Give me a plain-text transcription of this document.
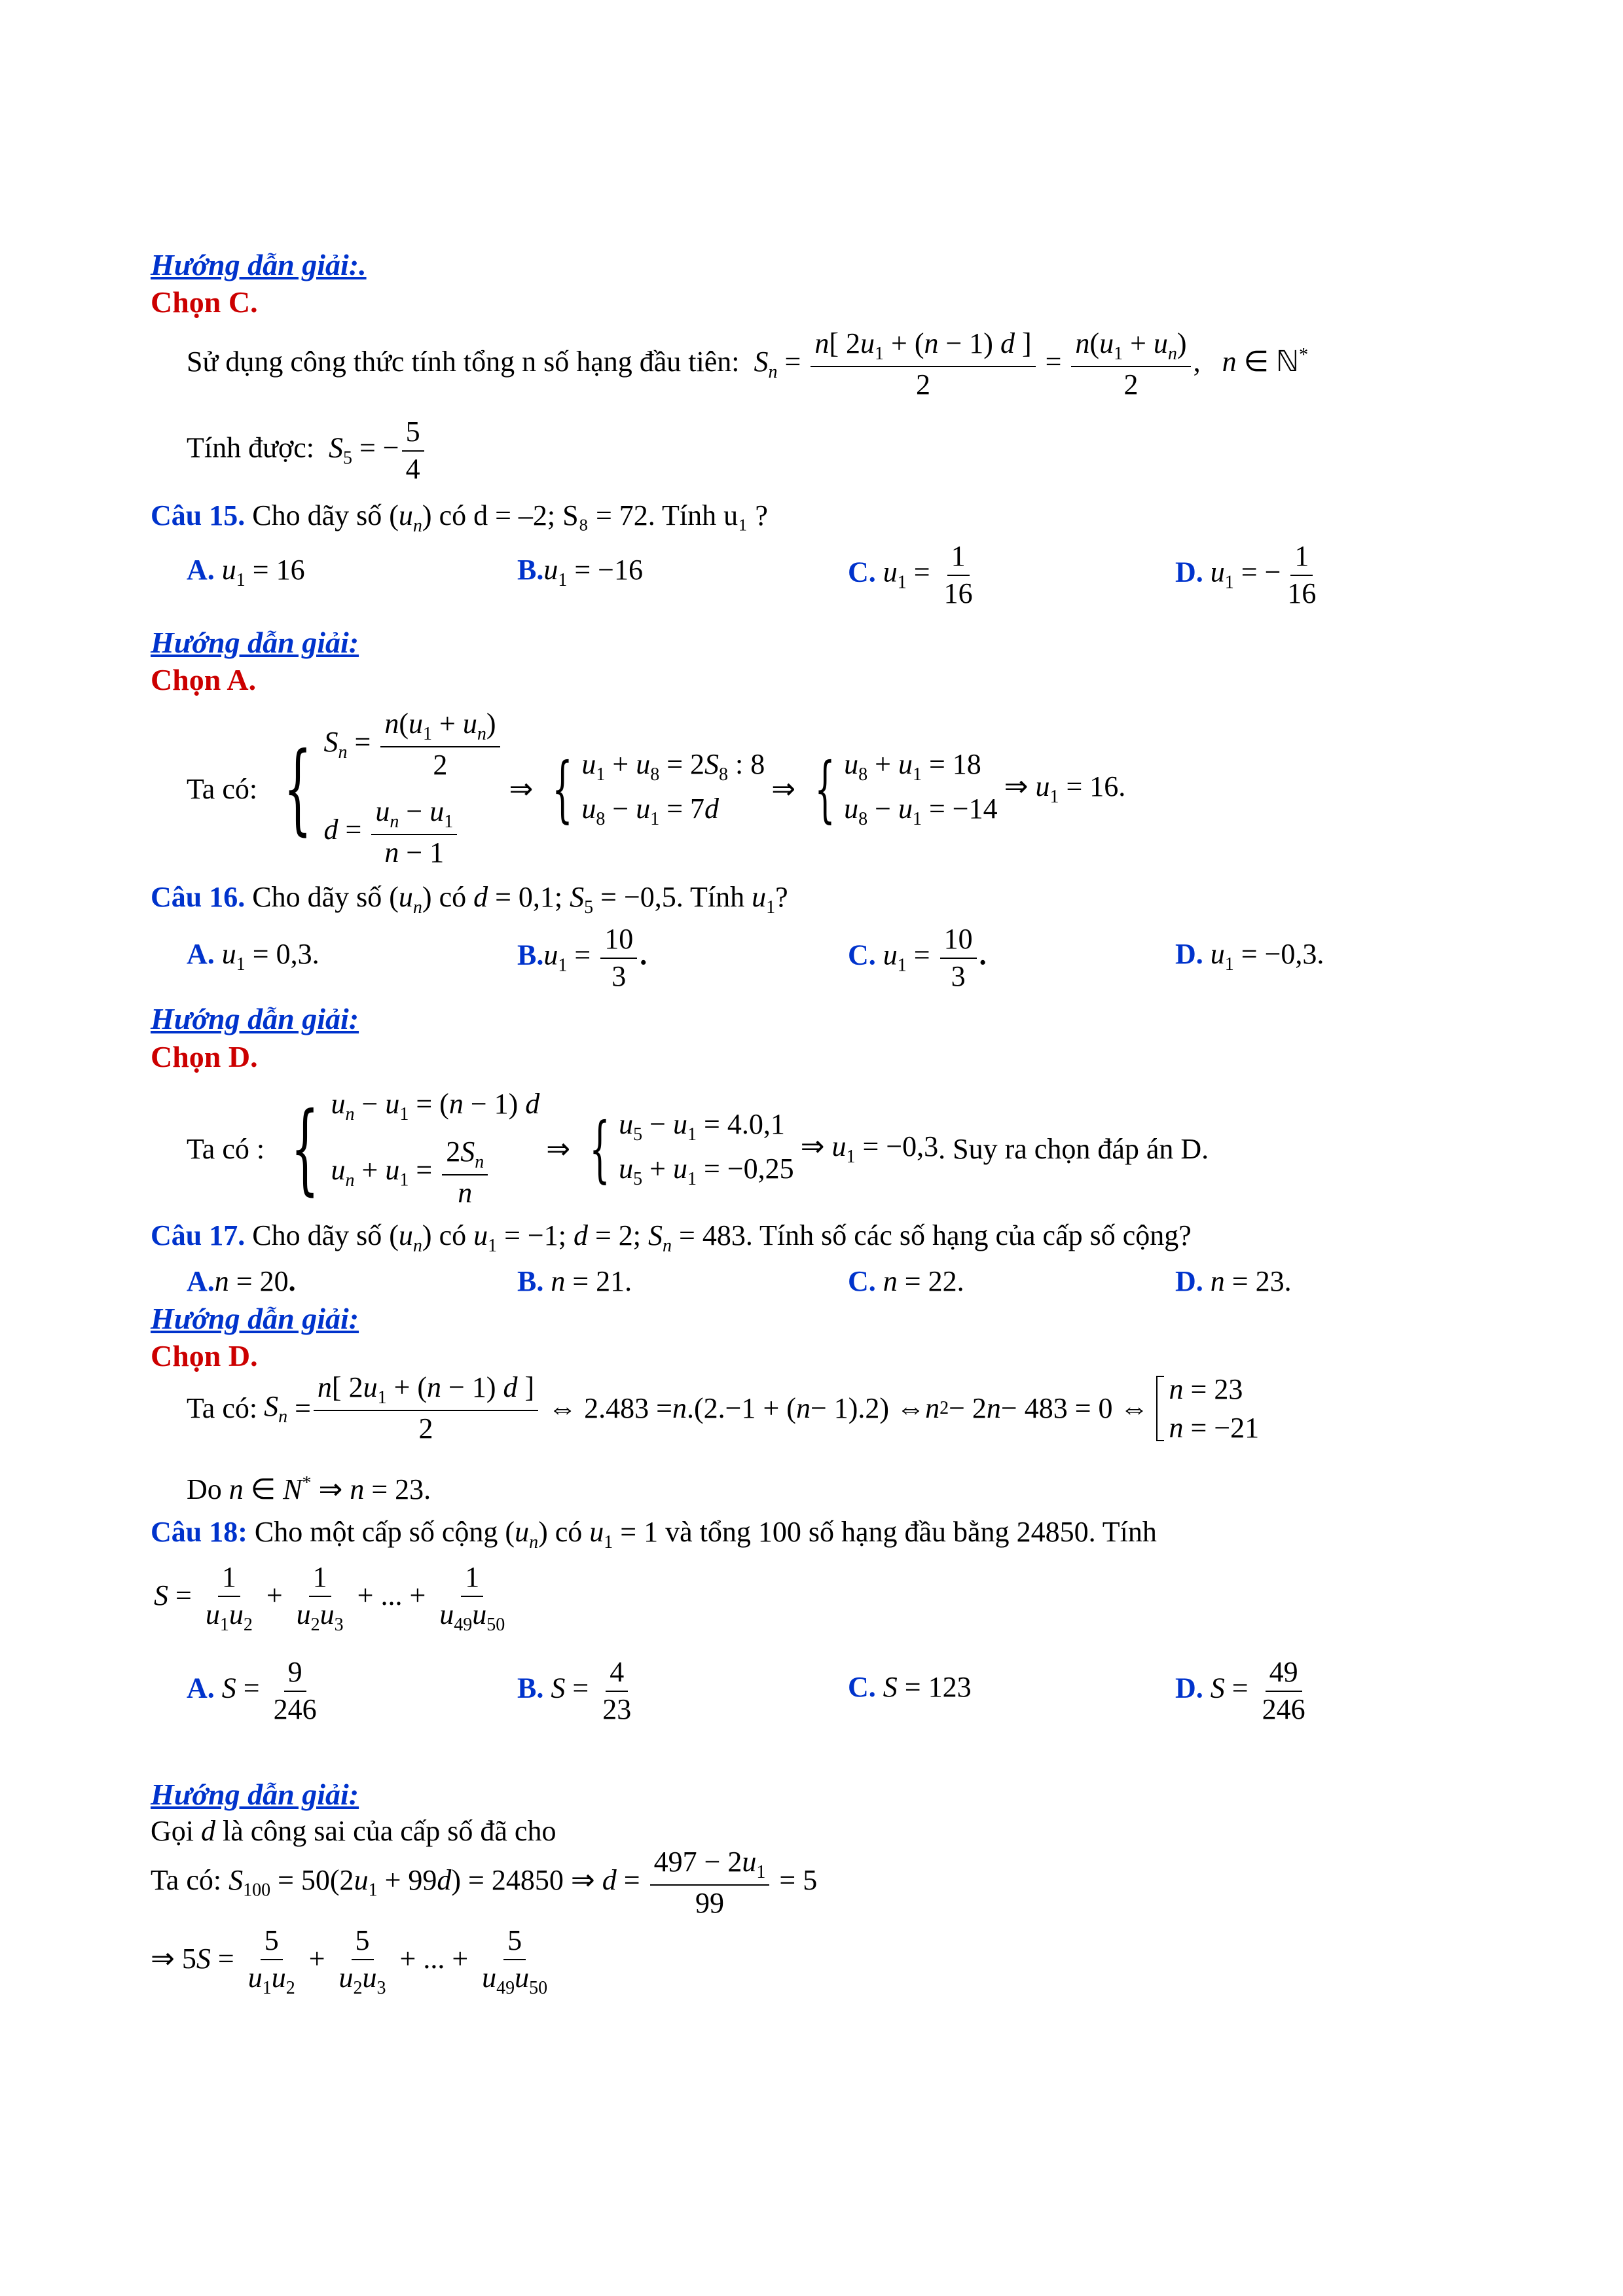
Hướng dẫn giải:.
Chọn C.
Sử dụng công thức tính tổng n số hạng đầu tiên:  $S_n = \frac{n[ 2u_1 + (n - 1) d ]}{2} = \frac{n(u_1 + u_n)}{2}$ ,   n ∈ ℕ*
Tính được:  $S_5$ = − $\frac{5}{4}$
Câu 15. Cho dãy số $(u_n)$ có d = –2; S₈ = 72. Tính u₁ ?
A. $u_1 = 16$	$B.u_1 = -16$	C. $u_1 = \frac{1}{16}$	D. $u_1$ = − $\frac{1}{16}$
Hướng dẫn giải:
Chọn A.
Ta có: { $S_n = \frac{n(u_1 + u_n)}{2}$
$d = \frac{u_n - u_1}{n - 1}$
⇒ { $u_1 + u_8 = 2S_8$ : 8
$u_8 - u_1 = 7d$
⇒ { $u_8 + u_1 = 18$
$u_8 - u_1 = -14$
⇒ $u_1 = 16$.
Câu 16. Cho dãy số $(u_n)$ có d = 0,1; $S_5 = -0,5$. Tính $u_1$?
A. $u_1 = 0,3$.	$B.u_1 = \frac{10}{3}$ .	C. $u_1 = \frac{10}{3}$ .	D. $u_1 = -0,3$.
Hướng dẫn giải:
Chọn D.
Ta có : { $u_n - u_1 = (n - 1)$ d
$u_n + u_1 = \frac{2S_n}{n}$ ⇒ { $u_5 - u_1 = 4.0,1$
$u_5 + u_1 = -0,25$
⇒ $u_1 = -0,3$ . Suy ra chọn đáp án D.
Câu 17. Cho dãy số $(u_n)$ có $u_1 = -1$; d = 2; $S_n = 483$. Tính số các số hạng của cấp số cộng?
A.n = 20.	B. n = 21.	C. n = 22.	D. n = 23.
Hướng dẫn giải:
Chọn D.
Ta có: $S_n = \frac{n[ 2u_1 + (n - 1) d ]}{2}$ ⇔ 2.483 = n .(2.−1 + ( n − 1).2) ⇔ n 2 − 2 n − 483 = 0 ⇔
n = 23
n = −21
Do n ∈ N* ⇒ n = 23.
Câu 18: Cho một cấp số cộng $(u_n)$ có $u_1 = 1$ và tổng 100 số hạng đầu bằng 24850. Tính
$S = \frac{1}{u_1u_2} + \frac{1}{u_2u_3}$ + ... + $\frac{1}{u_{49}u_{50}}$
A. $S = \frac{9}{246}$	B. $S = \frac{4}{23}$	C. S = 123	D. $S = \frac{49}{246}$
Hướng dẫn giải:
Gọi d là công sai của cấp số đã cho
Ta có: $S_{100} = 50(2u_1 + 99d) = 24850$ ⇒ $d = \frac{497 - 2u_1}{99} = 5$
⇒ $5S = \frac{5}{u_1u_2} + \frac{5}{u_2u_3}$ + ... + $\frac{5}{u_{49}u_{50}}$
